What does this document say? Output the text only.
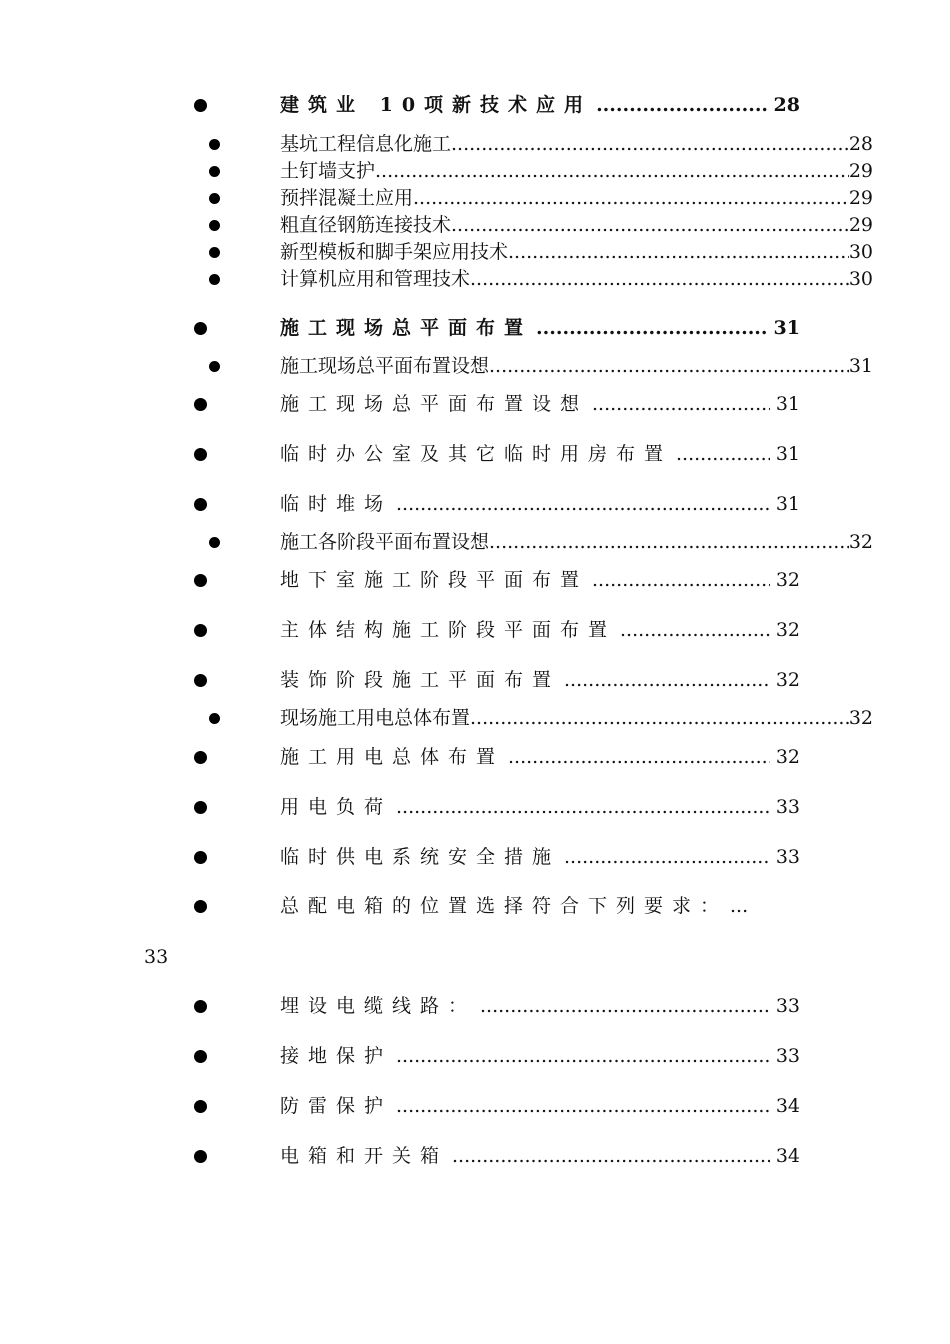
建筑业 10项新技术应用 .....	28
基坑工程信息化施工 .....	28
土钉墙支护 .....	29
预拌混凝土应用 .....	29
粗直径钢筋连接技术 .....	29
新型模板和脚手架应用技术 .....	30
计算机应用和管理技术 .....	30
施工现场总平面布置 .....	31
施工现场总平面布置设想 .....	31
施工现场总平面布置设想 .....	31
临时办公室及其它临时用房布置 .....	31
临时堆场 .....	31
施工各阶段平面布置设想 .....	32
地下室施工阶段平面布置 .....	32
主体结构施工阶段平面布置 .....	32
装饰阶段施工平面布置 .....	32
现场施工用电总体布置 .....	32
施工用电总体布置 .....	32
用电负荷 .....	33
临时供电系统安全措施 .....	33
总配电箱的位置选择符合下列要求： ...
33
埋设电缆线路： .....	33
接地保护 .....	33
防雷保护 .....	34
电箱和开关箱 .....	34
